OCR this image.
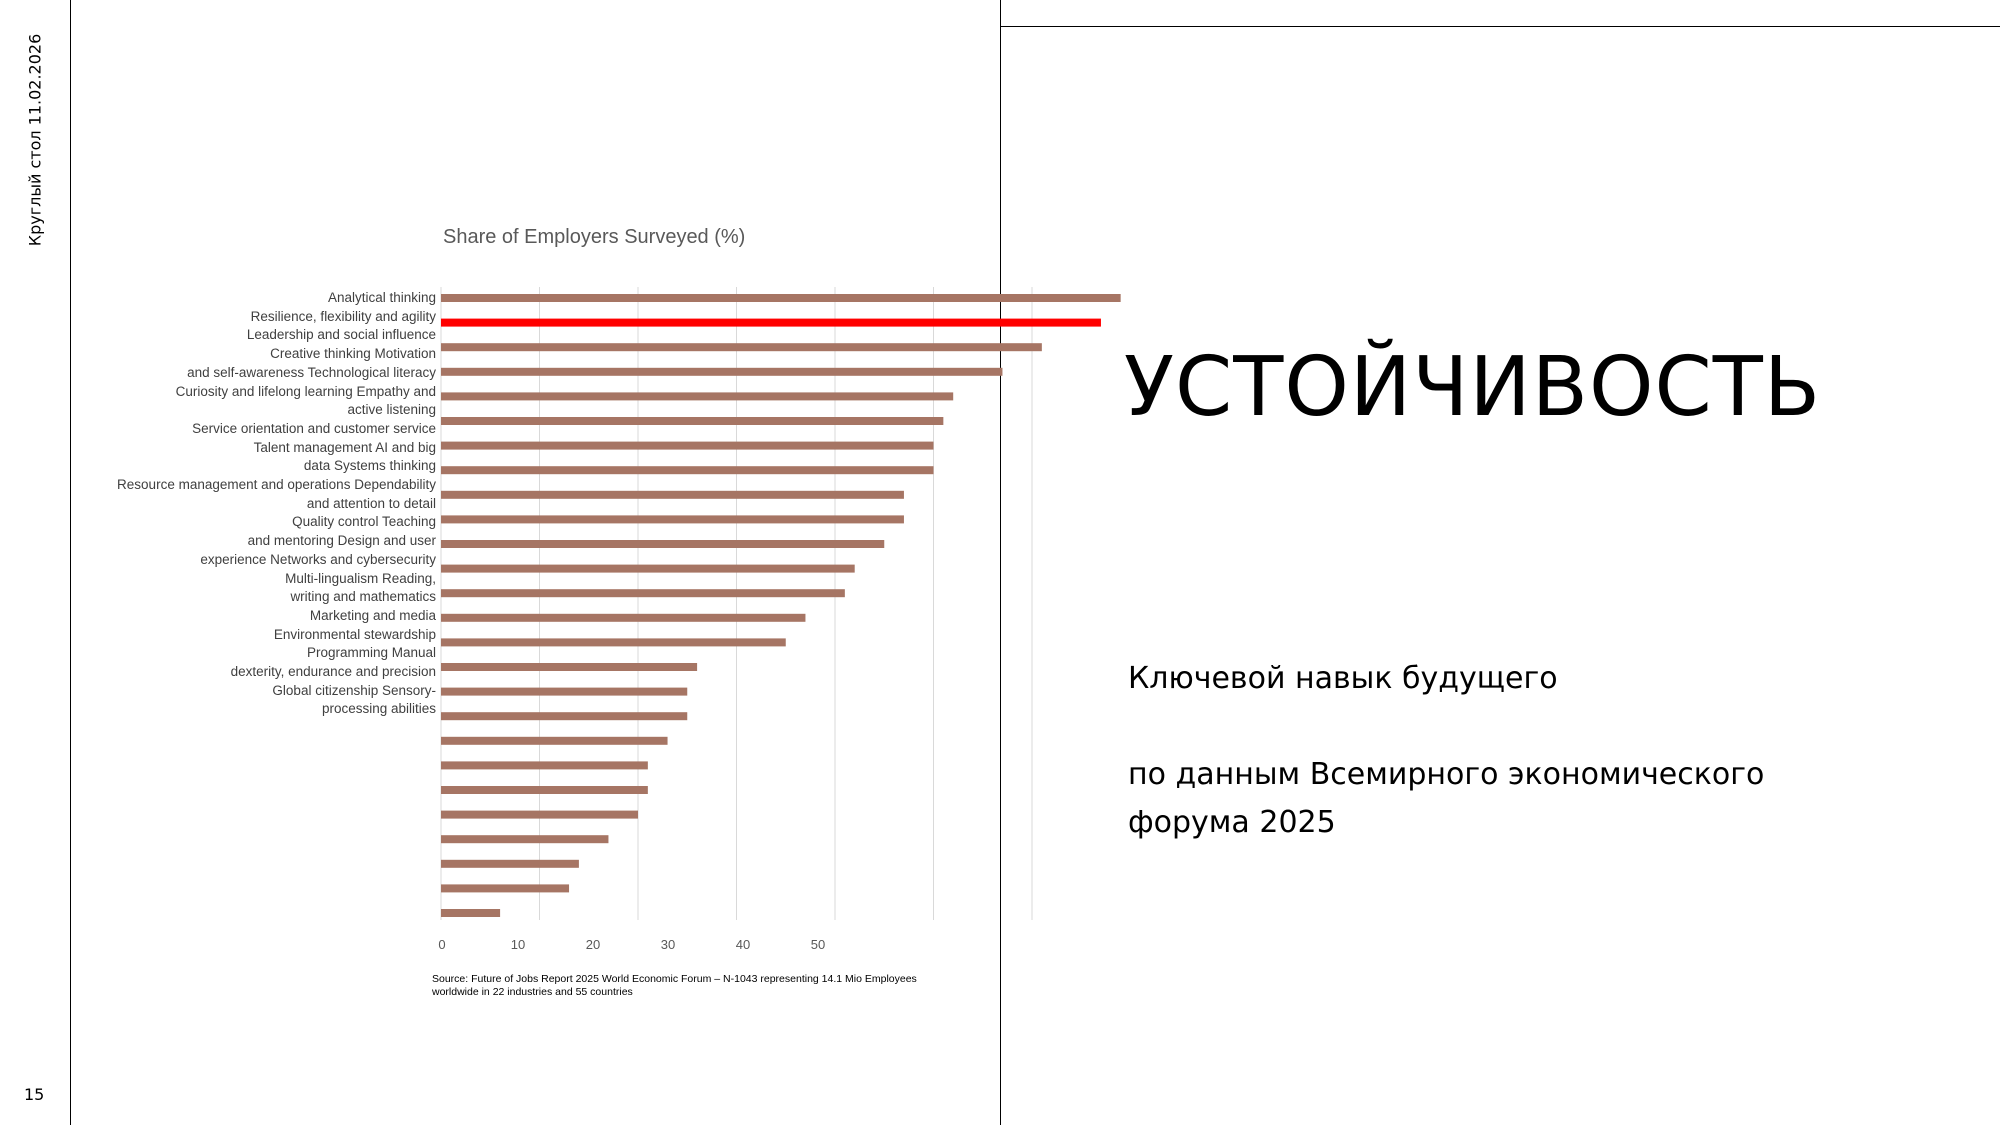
Круглый стол 11.02.2026
15
Share of Employers Surveyed (%)
Analytical thinking
Resilience, flexibility and agility
Leadership and social influence
Creative thinking Motivation
and self-awareness Technological literacy
Curiosity and lifelong learning Empathy and
active listening
Service orientation and customer service
Talent management AI and big
data Systems thinking
Resource management and operations Dependability
and attention to detail
Quality control Teaching
and mentoring Design and user
experience Networks and cybersecurity
Multi-lingualism Reading,
writing and mathematics
Marketing and media
Environmental stewardship
Programming Manual
dexterity, endurance and precision
Global citizenship Sensory-
processing abilities

0	10	20	30	40	50
Source: Future of Jobs Report 2025 World Economic Forum – N-1043 representing 14.1 Mio Employees worldwide in 22 industries and 55 countries
УСТОЙЧИВОСТЬ

Ключевой навык будущего

по данным Всемирного экономического

форума 2025
